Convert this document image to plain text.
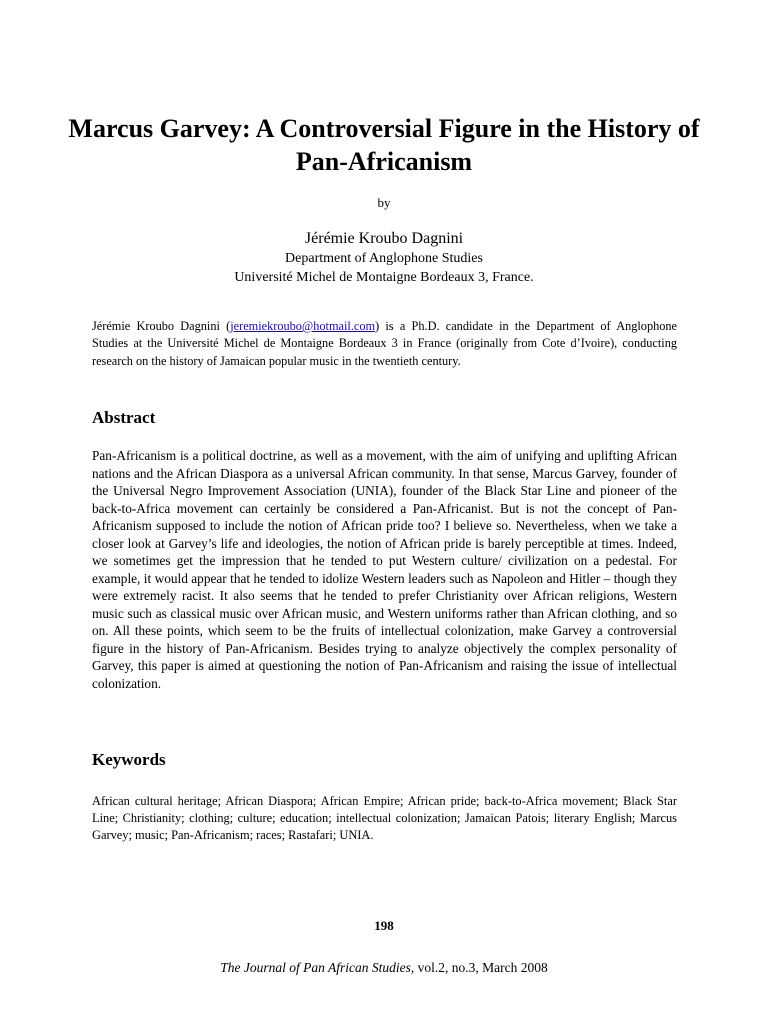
Marcus Garvey: A Controversial Figure in the History of Pan-Africanism
by
Jérémie Kroubo Dagnini
Department of Anglophone Studies
Université Michel de Montaigne Bordeaux 3, France.

Jérémie Kroubo Dagnini (jeremiekroubo@hotmail.com) is a Ph.D. candidate in the Department of Anglophone Studies at the Université Michel de Montaigne Bordeaux 3 in France (originally from Cote d’Ivoire), conducting research on the history of Jamaican popular music in the twentieth century.

Abstract

Pan-Africanism is a political doctrine, as well as a movement, with the aim of unifying and uplifting African nations and the African Diaspora as a universal African community. In that sense, Marcus Garvey, founder of the Universal Negro Improvement Association (UNIA), founder of the Black Star Line and pioneer of the back-to-Africa movement can certainly be considered a Pan-Africanist. But is not the concept of Pan-Africanism supposed to include the notion of African pride too? I believe so. Nevertheless, when we take a closer look at Garvey’s life and ideologies, the notion of African pride is barely perceptible at times. Indeed, we sometimes get the impression that he tended to put Western culture/ civilization on a pedestal. For example, it would appear that he tended to idolize Western leaders such as Napoleon and Hitler – though they were extremely racist. It also seems that he tended to prefer Christianity over African religions, Western music such as classical music over African music, and Western uniforms rather than African clothing, and so on. All these points, which seem to be the fruits of intellectual colonization, make Garvey a controversial figure in the history of Pan-Africanism. Besides trying to analyze objectively the complex personality of Garvey, this paper is aimed at questioning the notion of Pan-Africanism and raising the issue of intellectual colonization.

Keywords

African cultural heritage; African Diaspora; African Empire; African pride; back-to-Africa movement; Black Star Line; Christianity; clothing; culture; education; intellectual colonization; Jamaican Patois; literary English; Marcus Garvey; music; Pan-Africanism; races; Rastafari; UNIA.

198
The Journal of Pan African Studies, vol.2, no.3, March 2008
